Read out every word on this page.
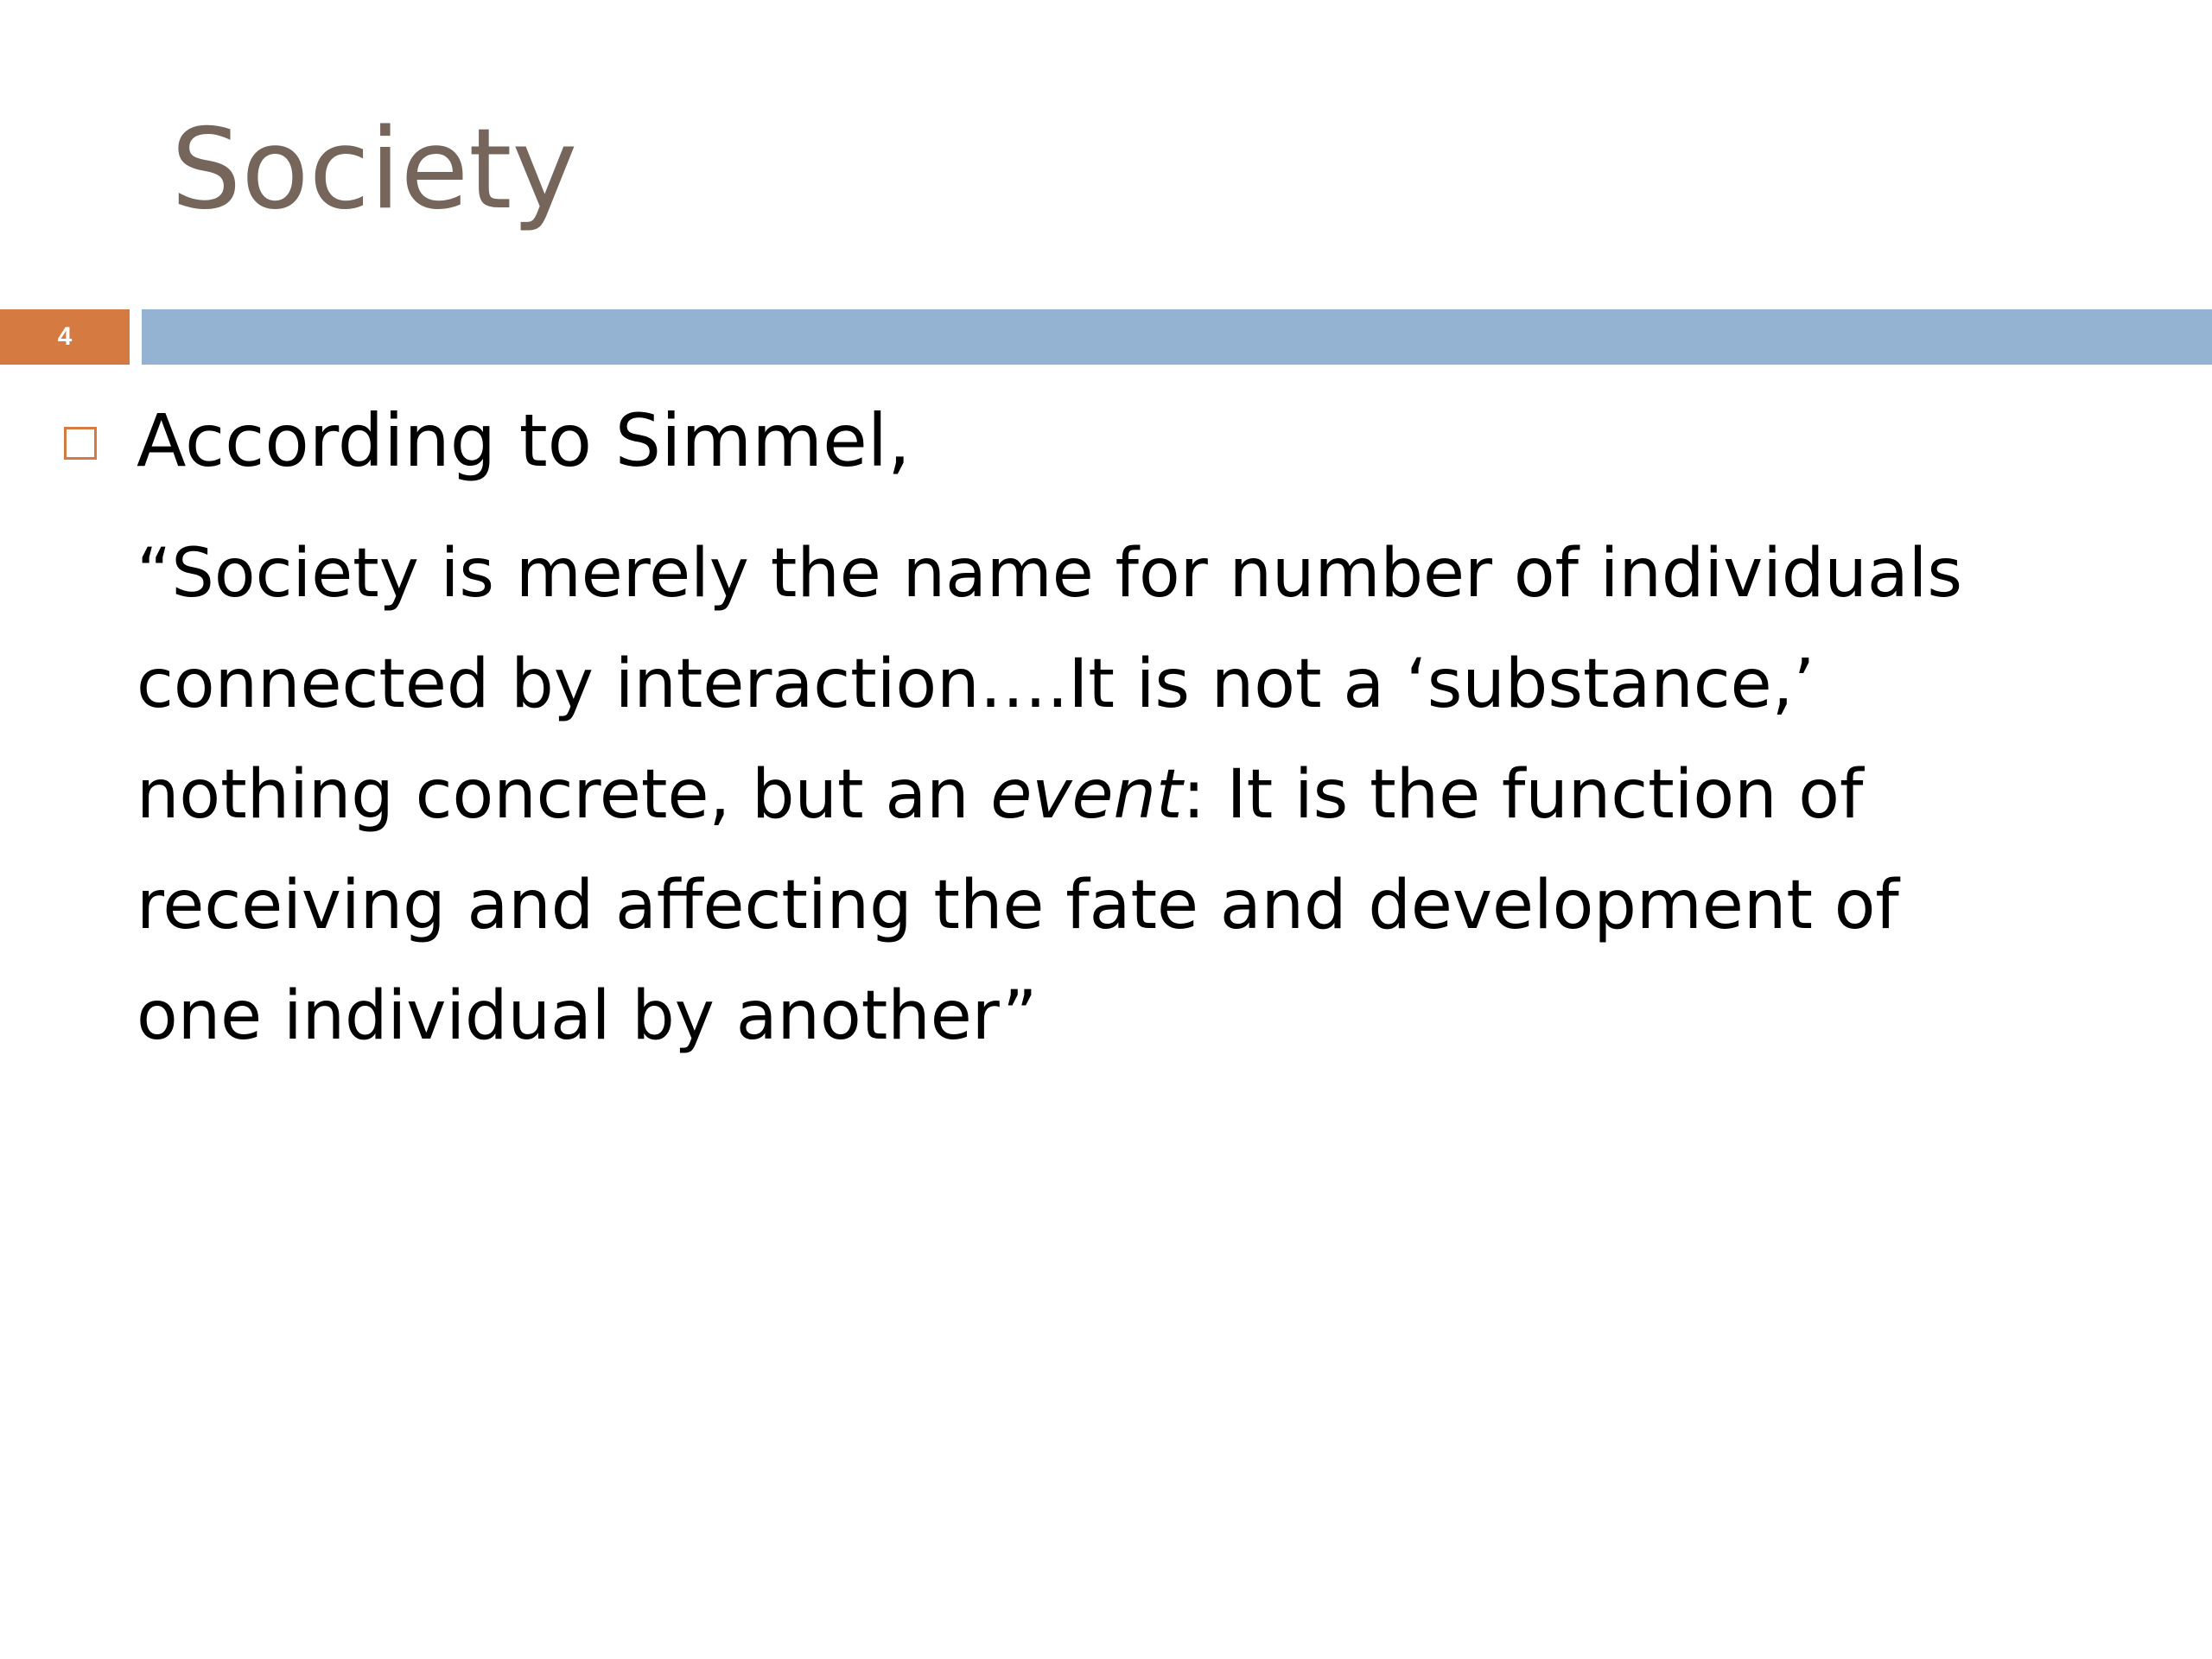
Society
4

According to Simmel,

“Society is merely the name for number of individuals
connected by interaction….It is not a ‘substance,’
nothing concrete, but an event: It is the function of
receiving and affecting the fate and development of
one individual by another”
